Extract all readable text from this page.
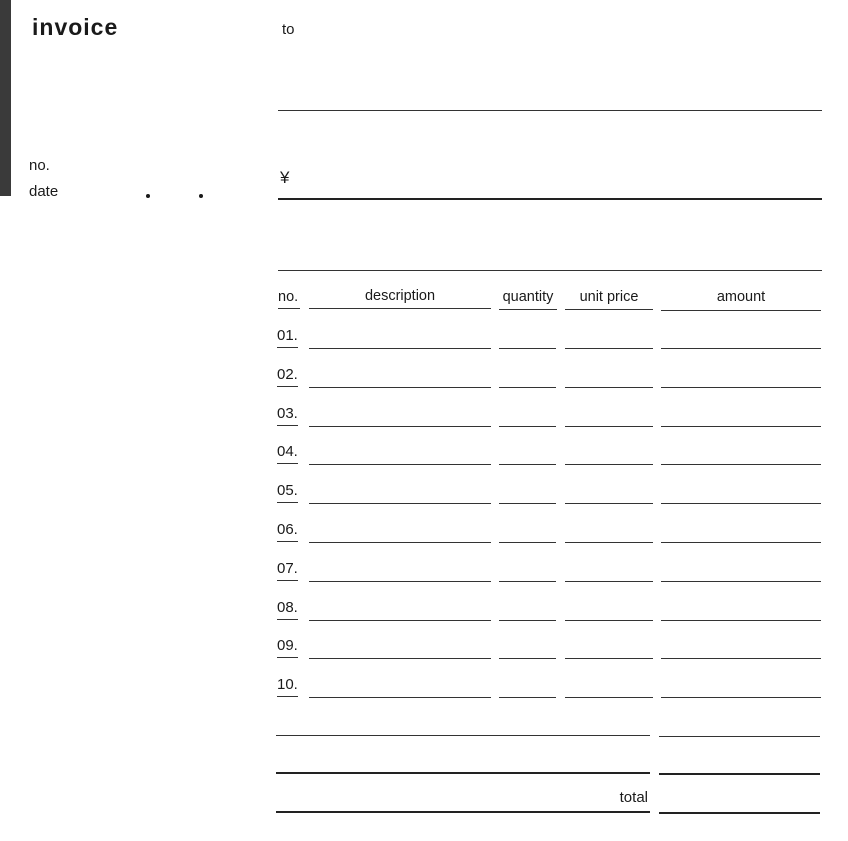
invoice
no.
date
to
¥
no.	description	quantity	unit price	amount
01.
02.
03.
04.
05.
06.
07.
08.
09.
10.
total
